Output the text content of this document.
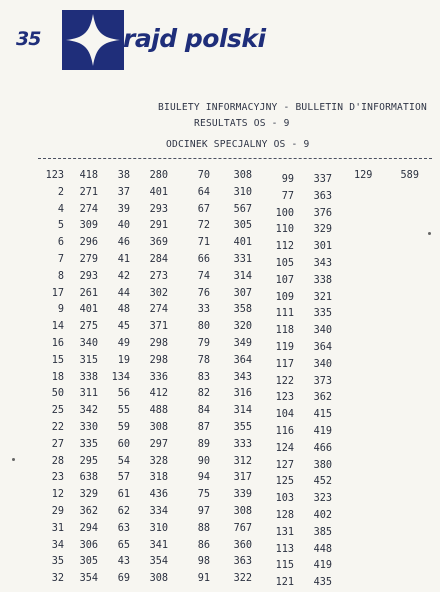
35	rajd polski
BIULETY INFORMACYJNY - BULLETIN D'INFORMATION
RESULTATS OS - 9
ODCINEK SPECJALNY OS - 9
123
2
4
5
6
7
8
17
9
14
16
15
18
50
25
22
27
28
23
12
29
31
34
35
32
418
271
274
309
296
279
293
261
401
275
340
315
338
311
342
330
335
295
638
329
362
294
306
305
354
38
37
39
40
46
41
42
44
48
45
49
19
134
56
55
59
60
54
57
61
62
63
65
43
69
280
401
293
291
369
284
273
302
274
371
298
298
336
412
488
308
297
328
318
436
334
310
341
354
308
70
64
67
72
71
66
74
76
33
80
79
78
83
82
84
87
89
90
94
75
97
88
86
98
91
308
310
567
305
401
331
314
307
358
320
349
364
343
316
314
355
333
312
317
339
308
767
360
363
322
99
77
100
110
112
105
107
109
111
118
119
117
122
123
104
116
124
127
125
103
128
131
113
115
121
337
363
376
329
301
343
338
321
335
340
364
340
373
362
415
419
466
380
452
323
402
385
448
419
435
129	589
